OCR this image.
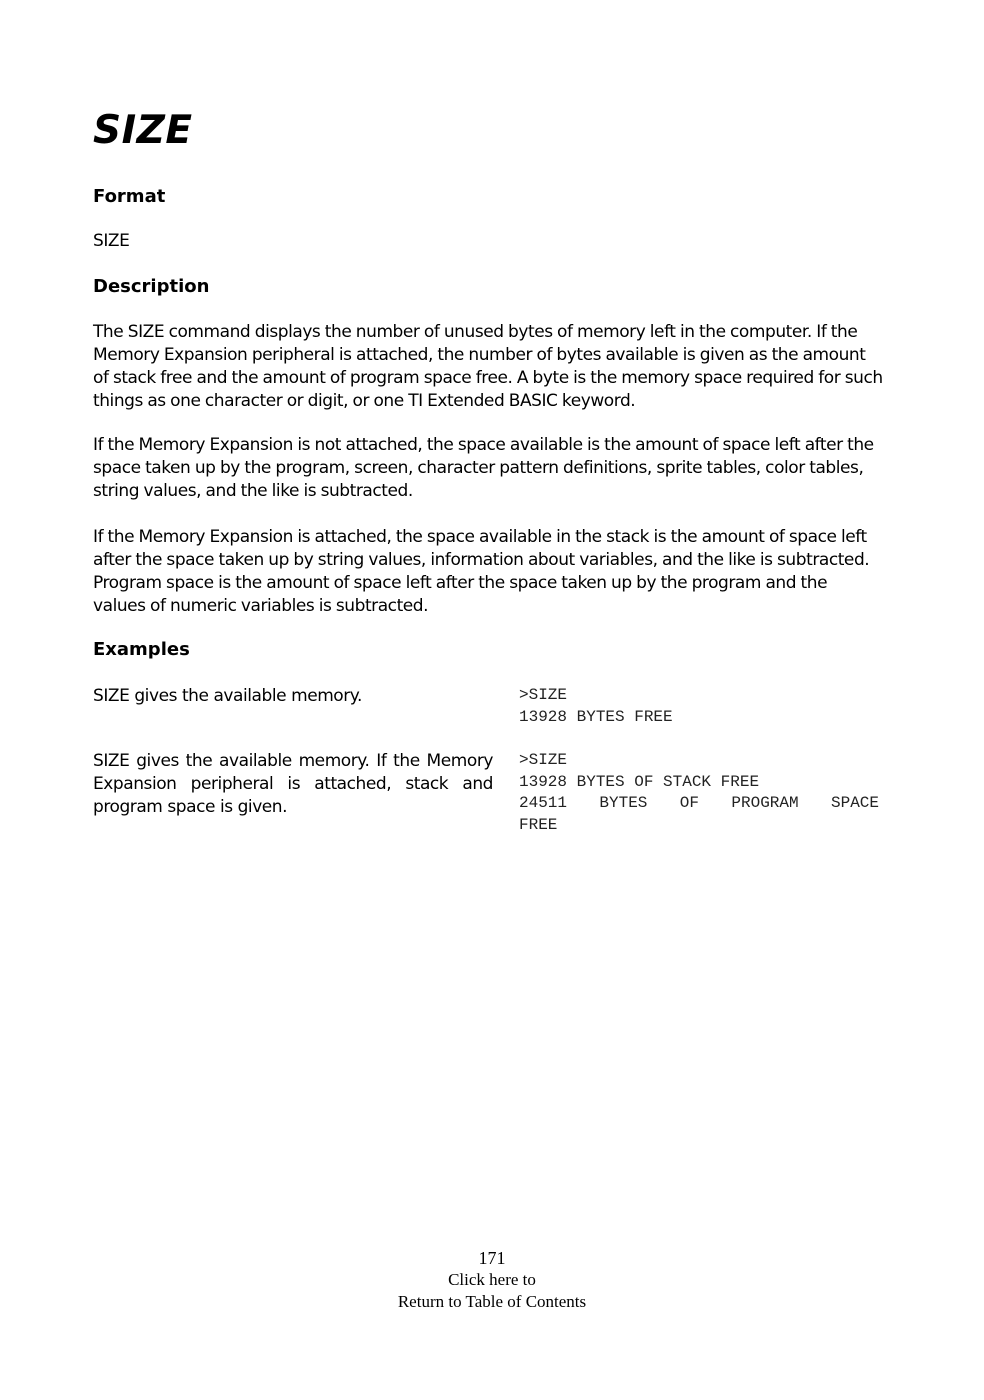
SIZE
Format

SIZE

Description

The SIZE command displays the number of unused bytes of memory left in the computer. If the Memory Expansion peripheral is attached, the number of bytes available is given as the amount of stack free and the amount of program space free. A byte is the memory space required for such things as one character or digit, or one TI Extended BASIC keyword.

If the Memory Expansion is not attached, the space available is the amount of space left after the space taken up by the program, screen, character pattern definitions, sprite tables, color tables, string values, and the like is subtracted.

If the Memory Expansion is attached, the space available in the stack is the amount of space left after the space taken up by string values, information about variables, and the like is subtracted. Program space is the amount of space left after the space taken up by the program and the values of numeric variables is subtracted.

Examples

SIZE gives the available memory.	>SIZE
13928 BYTES FREE

SIZE gives the available memory. If the Memory Expansion peripheral is attached, stack and program space is given.

>SIZE
13928 BYTES OF STACK FREE
24511 BYTES OF PROGRAM SPACE FREE
171
Click here to
Return to Table of Contents
